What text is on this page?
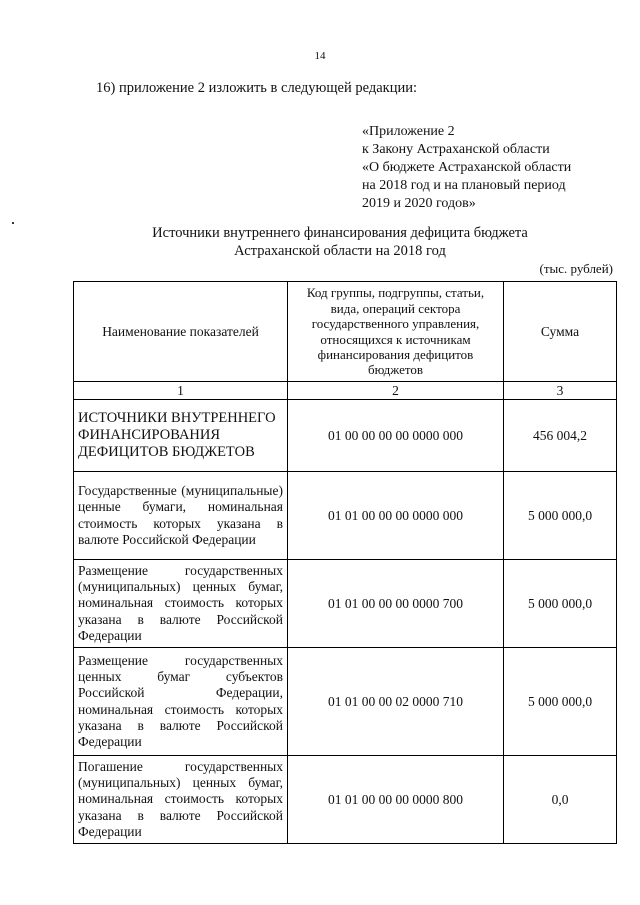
14
16) приложение 2 изложить в следующей редакции:
«Приложение 2
к Закону Астраханской области
«О бюджете Астраханской области
на 2018 год и на плановый период
2019 и 2020 годов»
Источники внутреннего финансирования дефицита бюджета
Астраханской области на 2018 год
(тыс. рублей)
Наименование показателей	Код группы, подгруппы, статьи, вида, операций сектора государственного управления, относящихся к источникам финансирования дефицитов бюджетов	Сумма
1	2	3
ИСТОЧНИКИ ВНУТРЕННЕГО ФИНАНСИРОВАНИЯ ДЕФИЦИТОВ БЮДЖЕТОВ	01 00 00 00 00 0000 000	456 004,2
Государственные (муниципальные) ценные бумаги, номинальная стоимость которых указана в валюте Российской Федерации	01 01 00 00 00 0000 000	5 000 000,0
Размещение государственных (муниципальных) ценных бумаг, номинальная стоимость которых указана в валюте Российской Федерации	01 01 00 00 00 0000 700	5 000 000,0
Размещение государственных ценных бумаг субъектов Российской Федерации, номинальная стоимость которых указана в валюте Российской Федерации	01 01 00 00 02 0000 710	5 000 000,0
Погашение государственных (муниципальных) ценных бумаг, номинальная стоимость которых указана в валюте Российской Федерации	01 01 00 00 00 0000 800	0,0
